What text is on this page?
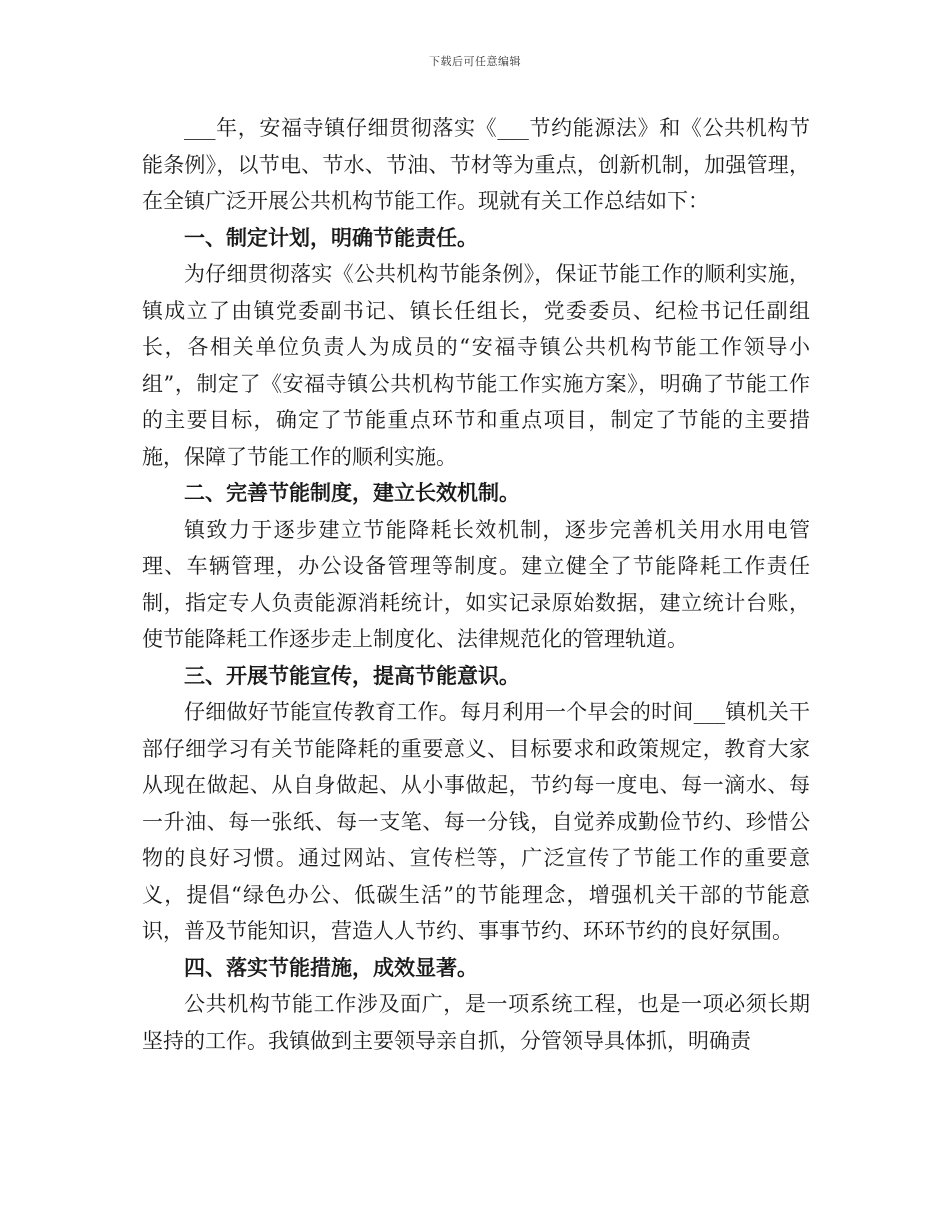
下载后可任意编辑

___年，安福寺镇仔细贯彻落实《___节约能源法》和《公共机构节能条例》，以节电、节水、节油、节材等为重点，创新机制，加强管理，在全镇广泛开展公共机构节能工作。现就有关工作总结如下：

一、制定计划，明确节能责任。

为仔细贯彻落实《公共机构节能条例》，保证节能工作的顺利实施，镇成立了由镇党委副书记、镇长任组长，党委委员、纪检书记任副组长，各相关单位负责人为成员的“安福寺镇公共机构节能工作领导小组”，制定了《安福寺镇公共机构节能工作实施方案》，明确了节能工作的主要目标，确定了节能重点环节和重点项目，制定了节能的主要措施，保障了节能工作的顺利实施。

二、完善节能制度，建立长效机制。

镇致力于逐步建立节能降耗长效机制，逐步完善机关用水用电管理、车辆管理，办公设备管理等制度。建立健全了节能降耗工作责任制，指定专人负责能源消耗统计，如实记录原始数据，建立统计台账，使节能降耗工作逐步走上制度化、法律规范化的管理轨道。

三、开展节能宣传，提高节能意识。

仔细做好节能宣传教育工作。每月利用一个早会的时间___镇机关干部仔细学习有关节能降耗的重要意义、目标要求和政策规定，教育大家从现在做起、从自身做起、从小事做起，节约每一度电、每一滴水、每一升油、每一张纸、每一支笔、每一分钱，自觉养成勤俭节约、珍惜公物的良好习惯。通过网站、宣传栏等，广泛宣传了节能工作的重要意义，提倡“绿色办公、低碳生活”的节能理念，增强机关干部的节能意识，普及节能知识，营造人人节约、事事节约、环环节约的良好氛围。

四、落实节能措施，成效显著。

公共机构节能工作涉及面广，是一项系统工程，也是一项必须长期坚持的工作。我镇做到主要领导亲自抓，分管领导具体抓，明确责
